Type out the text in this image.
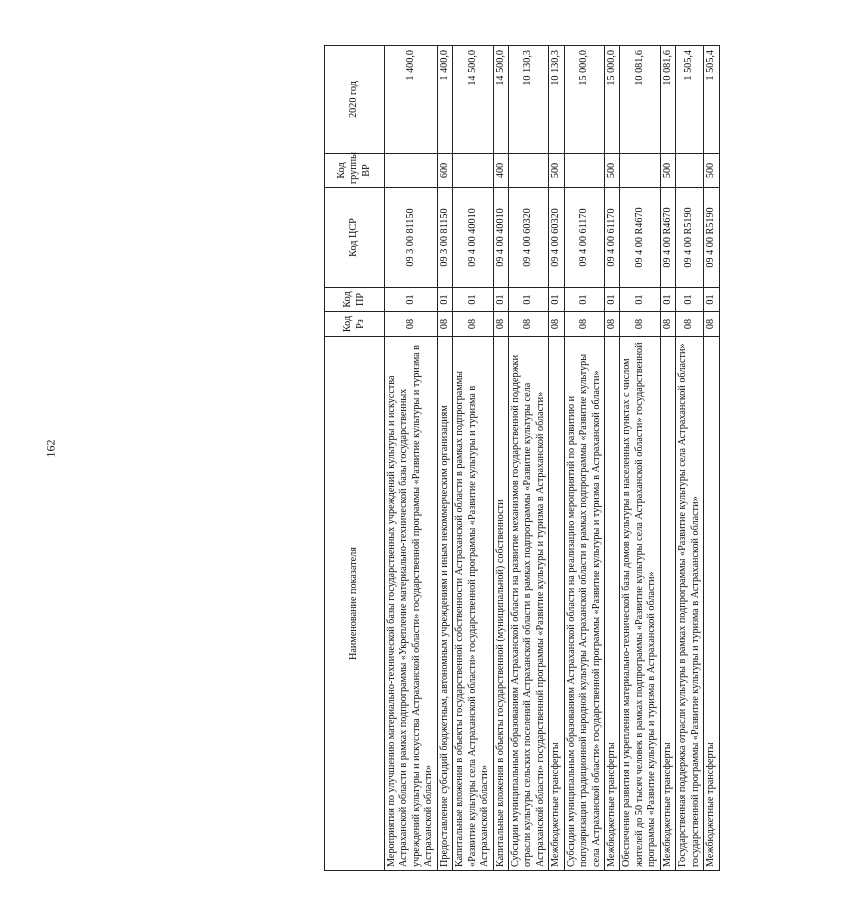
162
Наименование показателя	Код Рз	Код ПР	Код ЦСР	Код группы ВР	2020 год
Мероприятия по улучшению материально-технической базы государственных учреждений культуры и искусства Астраханской области в рамках подпрограммы «Укрепление материально-технической базы государственных учреждений культуры и искусства Астраханской области» государственной программы «Развитие культуры и туризма в Астраханской области»	08	01	09 3 00 81150		1 400,0
Предоставление субсидий бюджетным, автономным учреждениям и иным некоммерческим организациям	08	01	09 3 00 81150	600	1 400,0
Капитальные вложения в объекты государственной собственности Астраханской области в рамках подпрограммы «Развитие культуры села Астраханской области» государственной программы «Развитие культуры и туризма в Астраханской области»	08	01	09 4 00 40010		14 500,0
Капитальные вложения в объекты государственной (муниципальной) собственности	08	01	09 4 00 40010	400	14 500,0
Субсидии муниципальным образованиям Астраханской области на развитие механизмов государственной поддержки отрасли культуры сельских поселений Астраханской области в рамках подпрограммы «Развитие культуры села Астраханской области» государственной программы «Развитие культуры и туризма в Астраханской области»	08	01	09 4 00 60320		10 130,3
Межбюджетные трансферты	08	01	09 4 00 60320	500	10 130,3
Субсидии муниципальным образованиям Астраханской области на реализацию мероприятий по развитию и популяризации традиционной народной культуры Астраханской области в рамках подпрограммы «Развитие культуры села Астраханской области» государственной программы «Развитие культуры и туризма в Астраханской области»	08	01	09 4 00 61170		15 000,0
Межбюджетные трансферты	08	01	09 4 00 61170	500	15 000,0
Обеспечение развития и укрепления материально-технической базы домов культуры в населенных пунктах с числом жителей до 50 тысяч человек в рамках подпрограммы «Развитие культуры села Астраханской области» государственной программы «Развитие культуры и туризма в Астраханской области»	08	01	09 4 00 R4670		10 081,6
Межбюджетные трансферты	08	01	09 4 00 R4670	500	10 081,6
Государственная поддержка отрасли культуры в рамках подпрограммы «Развитие культуры села Астраханской области» государственной программы «Развитие культуры и туризма в Астраханской области»	08	01	09 4 00 R5190		1 505,4
Межбюджетные трансферты	08	01	09 4 00 R5190	500	1 505,4
